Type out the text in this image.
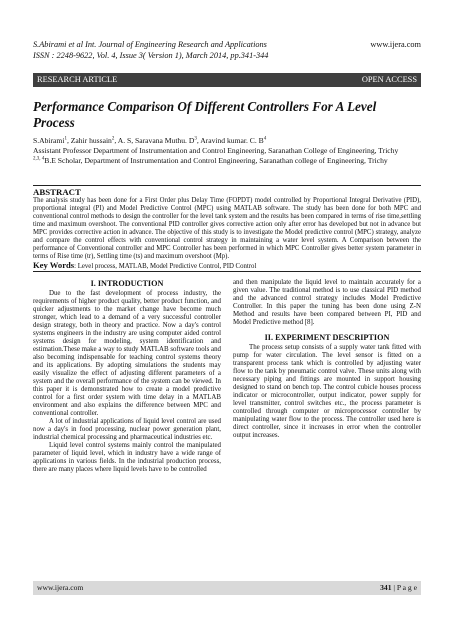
S.Abirami et al Int. Journal of Engineering Research and Applications	www.ijera.com
ISSN : 2248-9622, Vol. 4, Issue 3( Version 1), March 2014, pp.341-344
RESEARCH ARTICLE	OPEN ACCESS
Performance Comparison Of Different Controllers For A Level Process

S.Abirami$^1$, Zahir hussain$^2$, A. S, Saravana Muthu. $D^3$, Aravind kumar. C. $B^4$

Assistant Professor Department of Instrumentation and Control Engineering, Saranathan College of Engineering, Trichy

$^{2,3, 4}$B.E Scholar, Department of Instrumentation and Control Engineering, Saranathan college of Engineering, Trichy

ABSTRACT
The analysis study has been done for a First Order plus Delay Time (FOPDT) model controlled by Proportional Integral Derivative (PID), proportional integral (PI) and Model Predictive Control (MPC) using MATLAB software. The study has been done for both MPC and conventional control methods to design the controller for the level tank system and the results has been compared in terms of rise time,settling time and maximum overshoot. The conventional PID controller gives corrective action only after error has developed but not in advance but MPC provides corrective action in advance. The objective of this study is to investigate the Model predictive control (MPC) strategy, analyze and compare the control effects with conventional control strategy in maintaining a water level system. A Comparison between the performance of Conventional controller and MPC Controller has been performed in which MPC Controller gives better system parameter in terms of Rise time (tr), Settling time (ts) and maximum overshoot (Mp).
Key Words: Level process, MATLAB, Model Predictive Control, PID Control
I. INTRODUCTION

Due to the fast development of process industry, the requirements of higher product quality, better product function, and quicker adjustments to the market change have become much stronger, which lead to a demand of a very successful controller design strategy, both in theory and practice. Now a day's control systems engineers in the industry are using computer aided control systems design for modeling, system identification and estimation.These make a way to study MATLAB software tools and also becoming indispensable for teaching control systems theory and its applications. By adopting simulations the students may easily visualize the effect of adjusting different parameters of a system and the overall performance of the system can be viewed. In this paper it is demonstrated how to create a model predictive control for a first order system with time delay in a MATLAB environment and also explains the difference between MPC and conventional controller.

A lot of industrial applications of liquid level control are used now a day's in food processing, nuclear power generation plant, industrial chemical processing and pharmaceutical industries etc.

Liquid level control systems mainly control the manipulated parameter of liquid level, which in industry have a wide range of applications in various fields. In the industrial production process, there are many places where liquid levels have to be controlled

and then manipulate the liquid level to maintain accurately for a given value. The traditional method is to use classical PID method and the advanced control strategy includes Model Predictive Controller. In this paper the tuning has been done using Z-N Method and results have been compared between PI, PID and Model Predictive method [8].

II. EXPERIMENT DESCRIPTION

The process setup consists of a supply water tank fitted with pump for water circulation. The level sensor is fitted on a transparent process tank which is controlled by adjusting water flow to the tank by pneumatic control valve. These units along with necessary piping and fittings are mounted in support housing designed to stand on bench top. The control cubicle houses process indicator or microcontroller, output indicator, power supply for level transmitter, control switches etc., the process parameter is controlled through computer or microprocessor controller by manipulating water flow to the process. The controller used here is direct controller, since it increases in error when the controller output increases.

www.ijera.com	341 | P a g e
